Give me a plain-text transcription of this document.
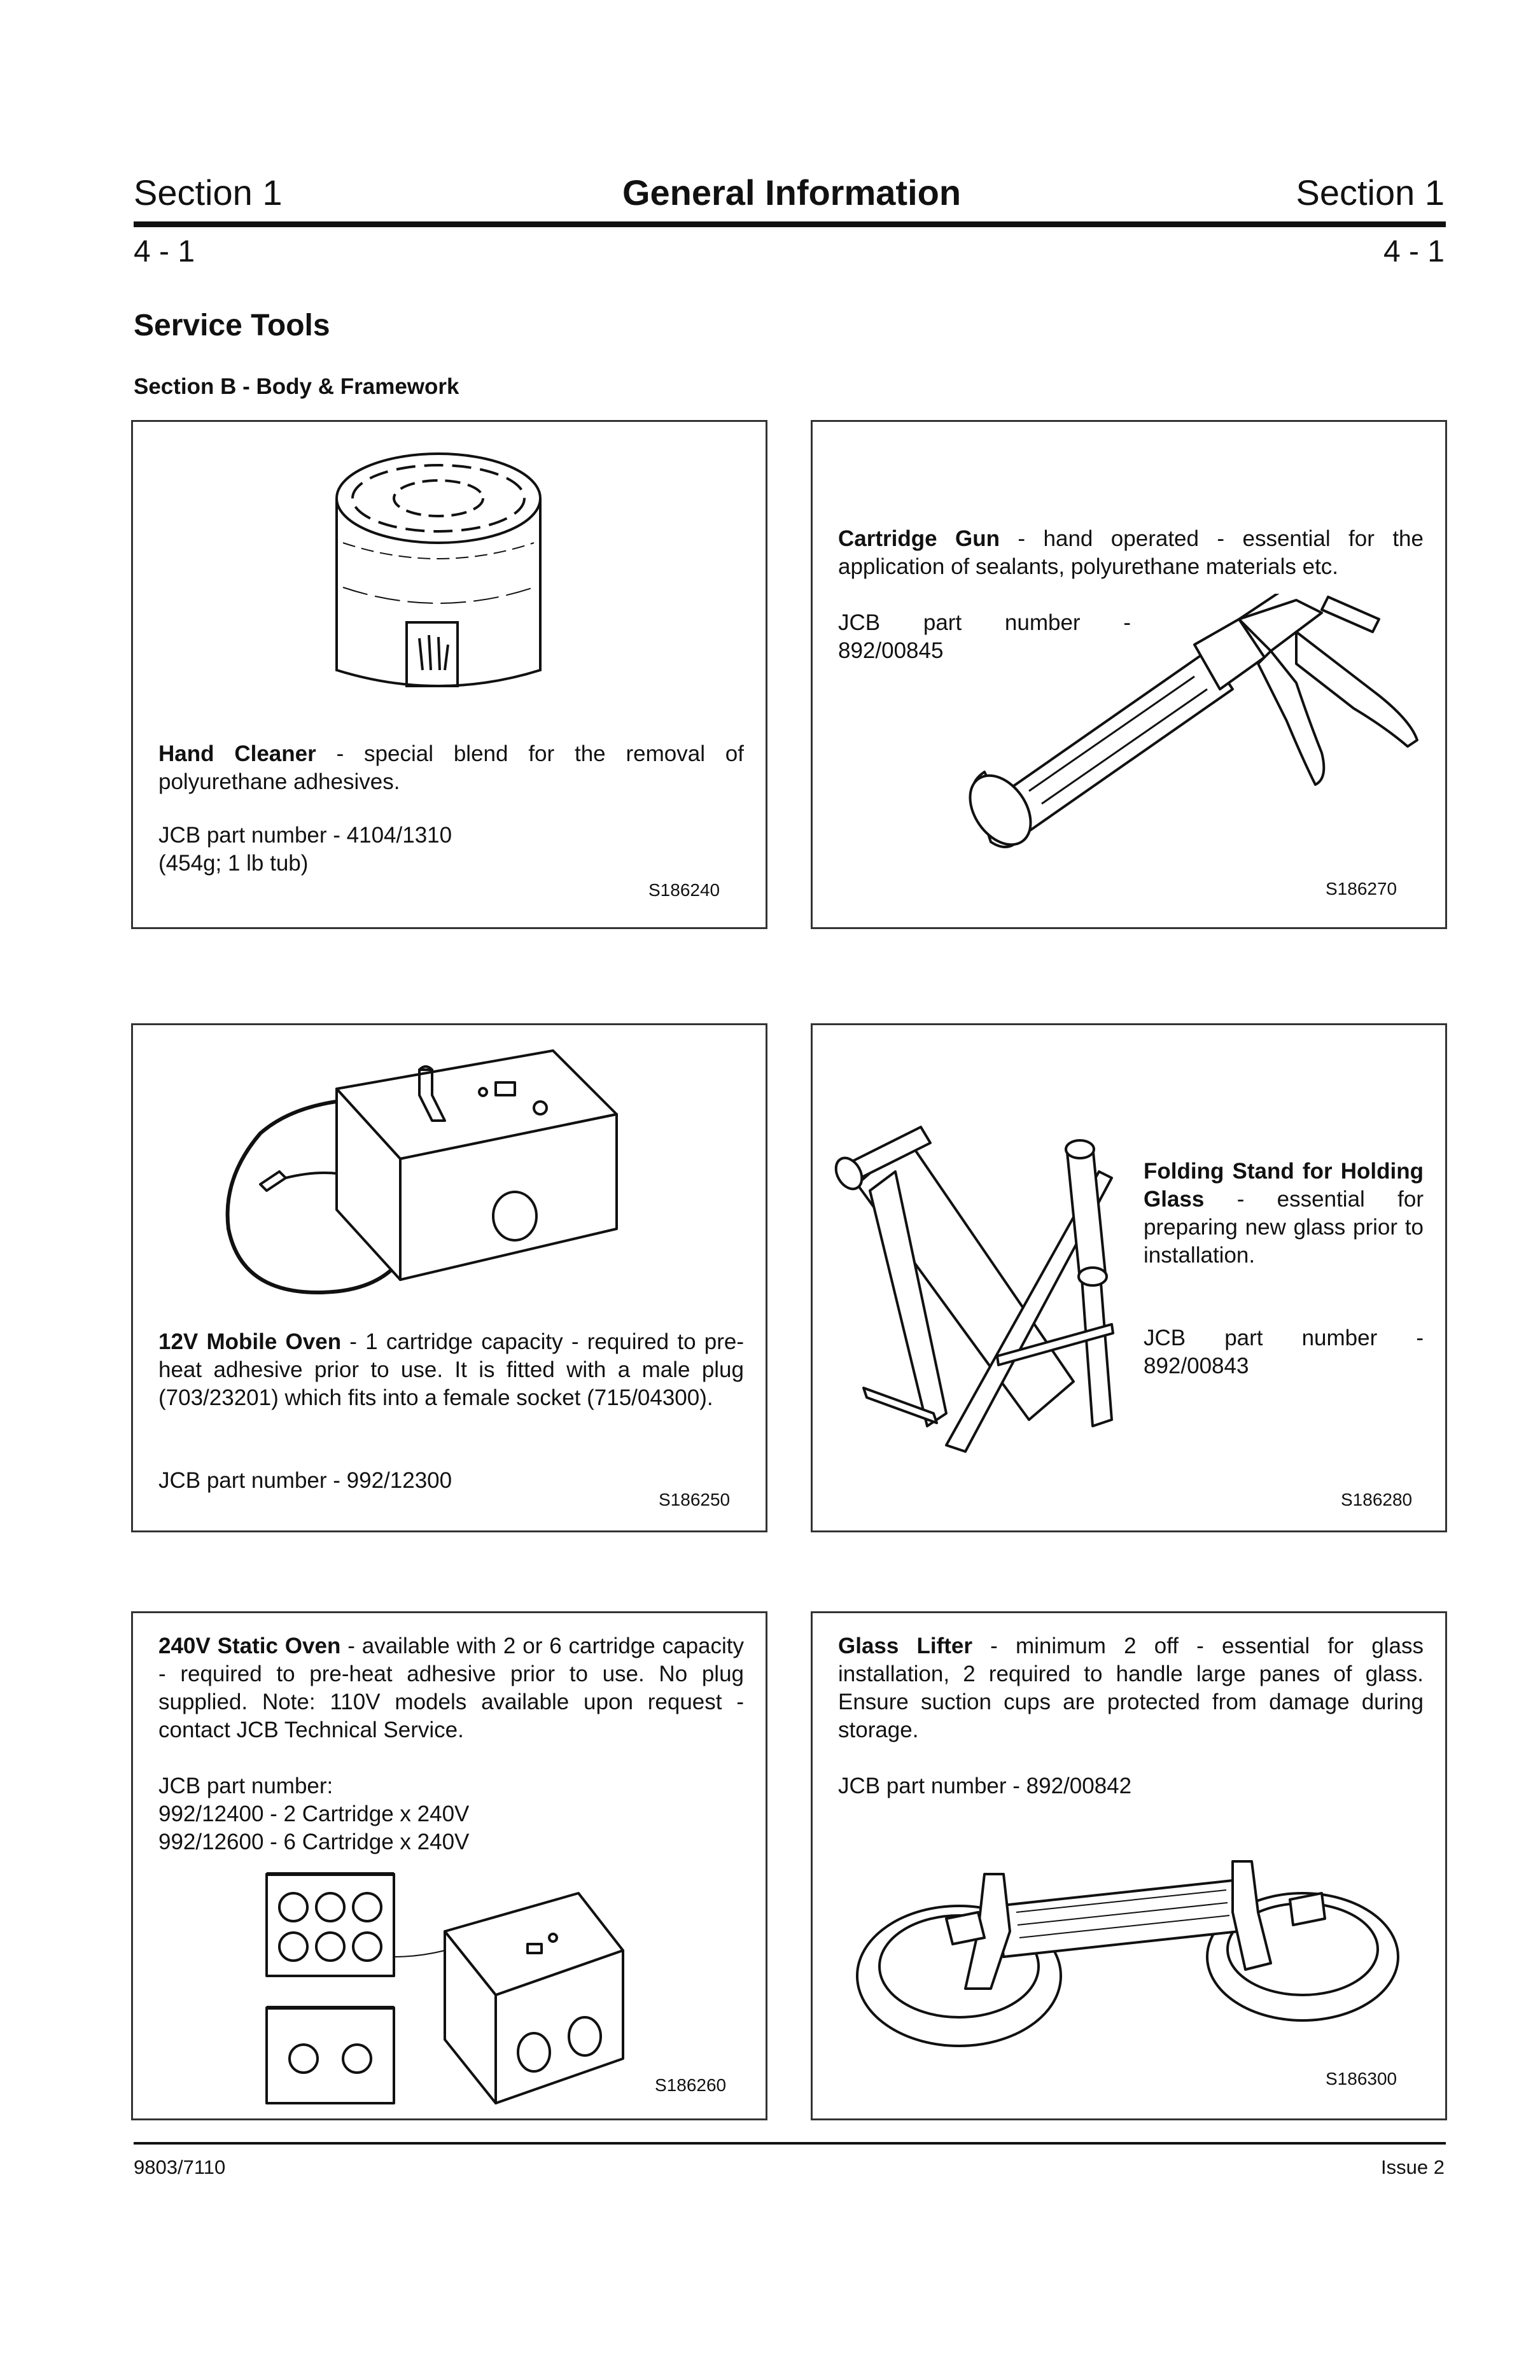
Section 1	General Information	Section 1
4 - 1	4 - 1
Service Tools
Section B - Body & Framework
Hand Cleaner - special blend for the removal of polyurethane adhesives.
JCB part number - 4104/1310
(454g; 1 lb tub)
S186240
Cartridge Gun - hand operated - essential for the application of sealants, polyurethane materials etc.
JCB part number -
892/00845
S186270
12V Mobile Oven - 1 cartridge capacity - required to pre-heat adhesive prior to use. It is fitted with a male plug (703/23201) which fits into a female socket (715/04300).
JCB part number - 992/12300
S186250
Folding Stand for Holding Glass - essential for preparing new glass prior to installation.
JCB part number -
892/00843
S186280
240V Static Oven - available with 2 or 6 cartridge capacity - required to pre-heat adhesive prior to use. No plug supplied. Note: 110V models available upon request - contact JCB Technical Service.
JCB part number:
992/12400 - 2 Cartridge x 240V
992/12600 - 6 Cartridge x 240V
S186260
Glass Lifter - minimum 2 off - essential for glass installation, 2 required to handle large panes of glass. Ensure suction cups are protected from damage during storage.
JCB part number - 892/00842
S186300
9803/7110	Issue 2
